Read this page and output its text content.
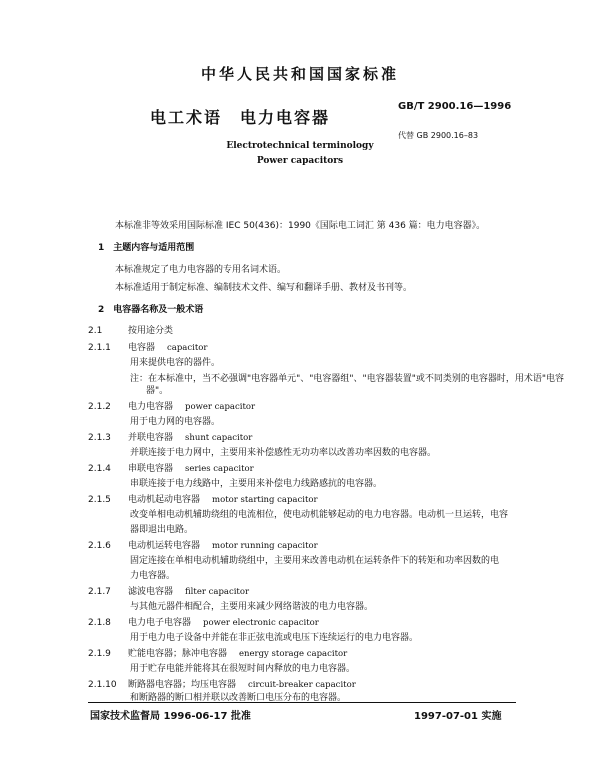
中华人民共和国国家标准
电工术语　电力电容器
GB/T 2900.16—1996
代替 GB 2900.16–83
Electrotechnical terminology
Power capacitors
本标准非等效采用国际标准 IEC 50(436)：1990《国际电工词汇 第 436 篇：电力电容器》。
1　主题内容与适用范围
本标准规定了电力电容器的专用名词术语。
本标准适用于制定标准、编制技术文件、编写和翻译手册、教材及书刊等。
2　电容器名称及一般术语
2.1	按用途分类
2.1.1 电容器 capacitor
用来提供电容的器件。
注：在本标准中，当不必强调"电容器单元"、"电容器组"、"电容器装置"或不同类别的电容器时，用术语"电容
器"。
2.1.2 电力电容器 power capacitor
用于电力网的电容器。
2.1.3 并联电容器 shunt capacitor
并联连接于电力网中，主要用来补偿感性无功功率以改善功率因数的电容器。
2.1.4 串联电容器 series capacitor
串联连接于电力线路中，主要用来补偿电力线路感抗的电容器。
2.1.5 电动机起动电容器 motor starting capacitor
改变单相电动机辅助绕组的电流相位，使电动机能够起动的电力电容器。电动机一旦运转，电容
器即退出电路。
2.1.6 电动机运转电容器 motor running capacitor
固定连接在单相电动机辅助绕组中，主要用来改善电动机在运转条件下的转矩和功率因数的电
力电容器。
2.1.7 滤波电容器 filter capacitor
与其他元器件相配合，主要用来减少网络谐波的电力电容器。
2.1.8 电力电子电容器 power electronic capacitor
用于电力电子设备中并能在非正弦电流或电压下连续运行的电力电容器。
2.1.9 贮能电容器；脉冲电容器 energy storage capacitor
用于贮存电能并能将其在很短时间内释放的电力电容器。
2.1.10 断路器电容器；均压电容器 circuit-breaker capacitor
和断路器的断口相并联以改善断口电压分布的电容器。
国家技术监督局 1996-06-17 批准	1997-07-01 实施
